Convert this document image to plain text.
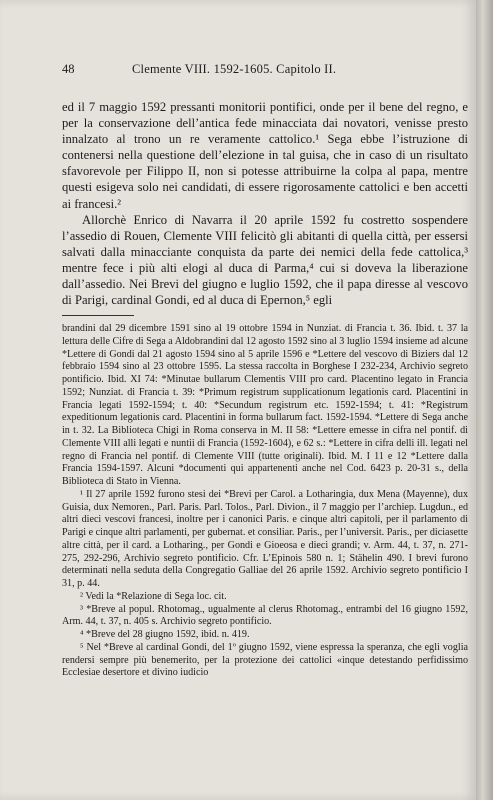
48	Clemente VIII. 1592-1605. Capitolo II.

ed il 7 maggio 1592 pressanti monitorii pontifici, onde per il bene del regno, e per la conservazione dell’antica fede minacciata dai novatori, venisse presto innalzato al trono un re veramente cattolico.¹ Sega ebbe l’istruzione di contenersi nella questione dell’elezione in tal guisa, che in caso di un risultato sfavorevole per Filippo II, non si potesse attribuirne la colpa al papa, mentre questi esigeva solo nei candidati, di essere rigorosamente cattolici e ben accetti ai francesi.²

Allorchè Enrico di Navarra il 20 aprile 1592 fu costretto sospendere l’assedio di Rouen, Clemente VIII felicitò gli abitanti di quella città, per essersi salvati dalla minacciante conquista da parte dei nemici della fede cattolica,³ mentre fece i più alti elogi al duca di Parma,⁴ cui si doveva la liberazione dall’assedio. Nei Brevi del giugno e luglio 1592, che il papa diresse al vescovo di Parigi, cardinal Gondi, ed al duca di Epernon,⁵ egli

brandini dal 29 dicembre 1591 sino al 19 ottobre 1594 in Nunziat. di Francia t. 36. Ibid. t. 37 la lettura delle Cifre di Sega a Aldobrandini dal 12 agosto 1592 sino al 3 luglio 1594 insieme ad alcune *Lettere di Gondi dal 21 agosto 1594 sino al 5 aprile 1596 e *Lettere del vescovo di Biziers dal 12 febbraio 1594 sino al 23 ottobre 1595. La stessa raccolta in Borghese I 232-234, Archivio segreto pontificio. Ibid. XI 74: *Minutae bullarum Clementis VIII pro card. Placentino legato in Francia 1592; Nunziat. di Francia t. 39: *Primum registrum supplicationum legationis card. Placentini in Francia legati 1592-1594; t. 40: *Secundum registrum etc. 1592-1594; t. 41: *Registrum expeditionum legationis card. Placentini in forma bullarum fact. 1592-1594. *Lettere di Sega anche in t. 32. La Biblioteca Chigi in Roma conserva in M. II 58: *Lettere emesse in cifra nel pontif. di Clemente VIII alli legati e nuntii di Francia (1592-1604), e 62 s.: *Lettere in cifra delli ill. legati nel regno di Francia nel pontif. di Clemente VIII (tutte originali). Ibid. M. I 11 e 12 *Lettere dalla Francia 1594-1597. Alcuni *documenti qui appartenenti anche nel Cod. 6423 p. 20-31 s., della Biblioteca di Stato in Vienna.

¹ Il 27 aprile 1592 furono stesi dei *Brevi per Carol. a Lotharingia, dux Mena (Mayenne), dux Guisia, dux Nemoren., Parl. Paris. Parl. Tolos., Parl. Divion., il 7 maggio per l’archiep. Lugdun., ed altri dieci vescovi francesi, inoltre per i canonici Paris. e cinque altri capitoli, per il parlamento di Parigi e cinque altri parlamenti, per gubernat. et consiliar. Paris., per l’universit. Paris., per diciasette altre città, per il card. a Lotharing., per Gondi e Gioeosa e dieci grandi; v. Arm. 44, t. 37, n. 271-275, 292-296, Archivio segreto pontificio. Cfr. L’Epinois 580 n. 1; Stähelin 490. I brevi furono determinati nella seduta della Congregatio Galliae del 26 aprile 1592. Archivio segreto pontificio I 31, p. 44.

² Vedi la *Relazione di Sega loc. cit.

³ *Breve al popul. Rhotomag., ugualmente al clerus Rhotomag., entrambi del 16 giugno 1592, Arm. 44, t. 37, n. 405 s. Archivio segreto pontificio.

⁴ *Breve del 28 giugno 1592, ibid. n. 419.

⁵ Nel *Breve al cardinal Gondi, del 1º giugno 1592, viene espressa la speranza, che egli voglia rendersi sempre più benemerito, per la protezione dei cattolici «inque detestando perfidissimo Ecclesiae desertore et divino iudicio
